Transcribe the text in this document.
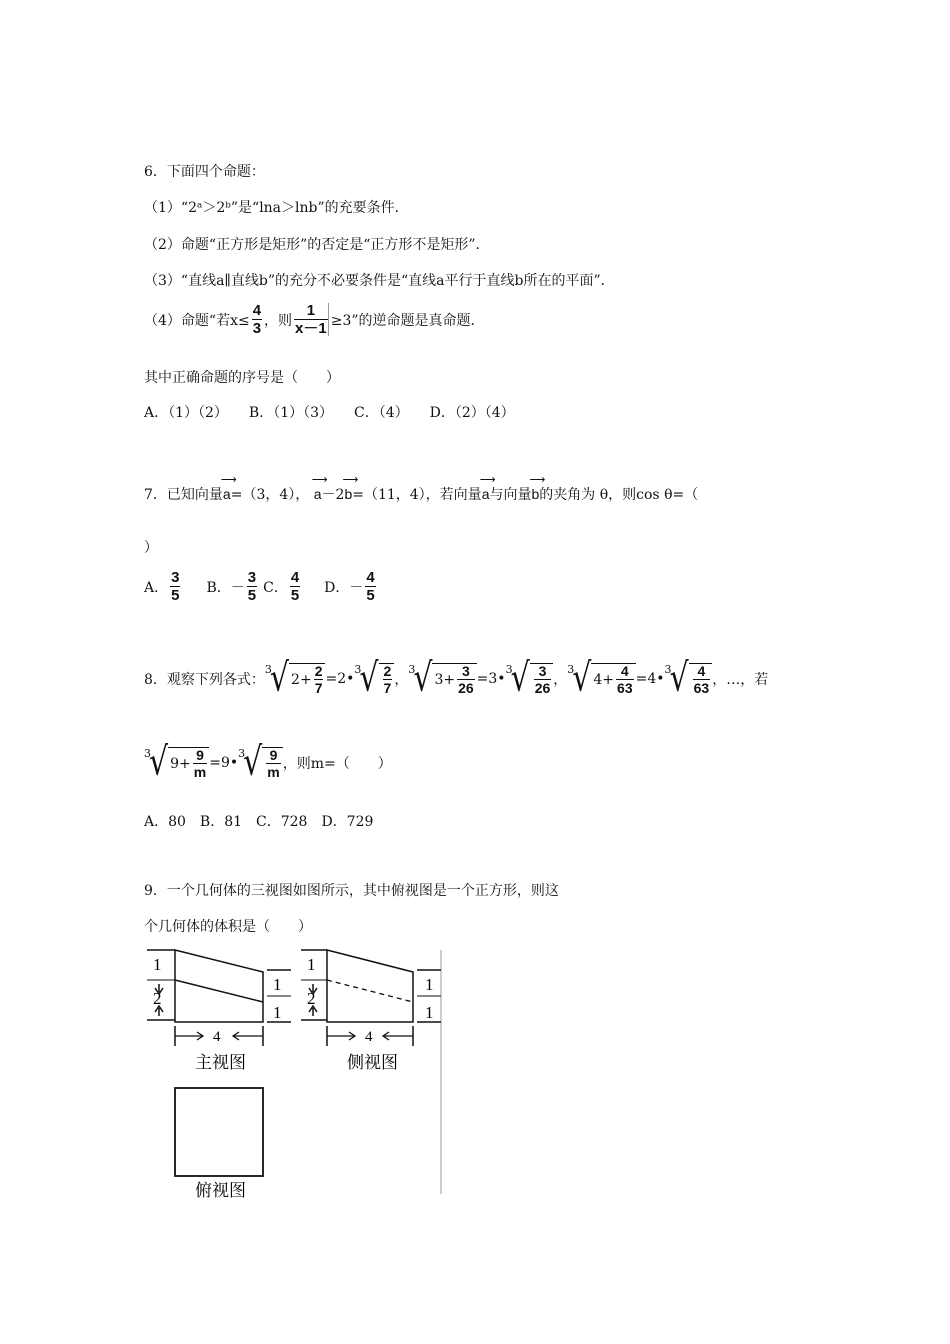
6．下面四个命题：
（1）“2ᵃ＞2ᵇ”是“lna＞lnb”的充要条件．
（2）命题“正方形是矩形”的否定是“正方形不是矩形”．
（3）“直线a∥直线b”的充分不必要条件是“直线a平行于直线b所在的平面”．
（4）命题“若$x\le \frac{4}{3}$ ，则 $\frac{1}{x-1} \ge 3$”的逆命题是真命题．
其中正确命题的序号是（　　）
A．（1）（2）　　B．（1）（3）　　C．（4）　　D．（2）（4）
7．已知向量
⟶
a=（3，4），
⟶
a－2
⟶
b=（11，4），若向量
⟶
a与向量
⟶
b的夹角为 θ，则cos θ=（
）
A． $\frac{3}{5}$ B．－ $\frac{3}{5}$ C． $\frac{4}{5}$ D．－ $\frac{4}{5}$
8．观察下列各式：
3
√ $2+ \frac{2}{7}$ =2•
3
√ $\frac{2}{7}$ ，
3
√ $3+ \frac{3}{26}$ =3•
3
√ $\frac{3}{26}$ ，
3
√ $4+ \frac{4}{63}$ =4•
3
√ $\frac{4}{63}$ ，…，若
3
√ $9+ \frac{9}{m}$ =9•
3
√ $\frac{9}{m}$ ，则m=（　　）
A．80　B．81　C．728　D．729
9．一个几何体的三视图如图所示，其中俯视图是一个正方形，则这
个几何体的体积是（　　）
1
2
1
1
4
主视图
1
2
1
1
4
侧视图
俯视图
